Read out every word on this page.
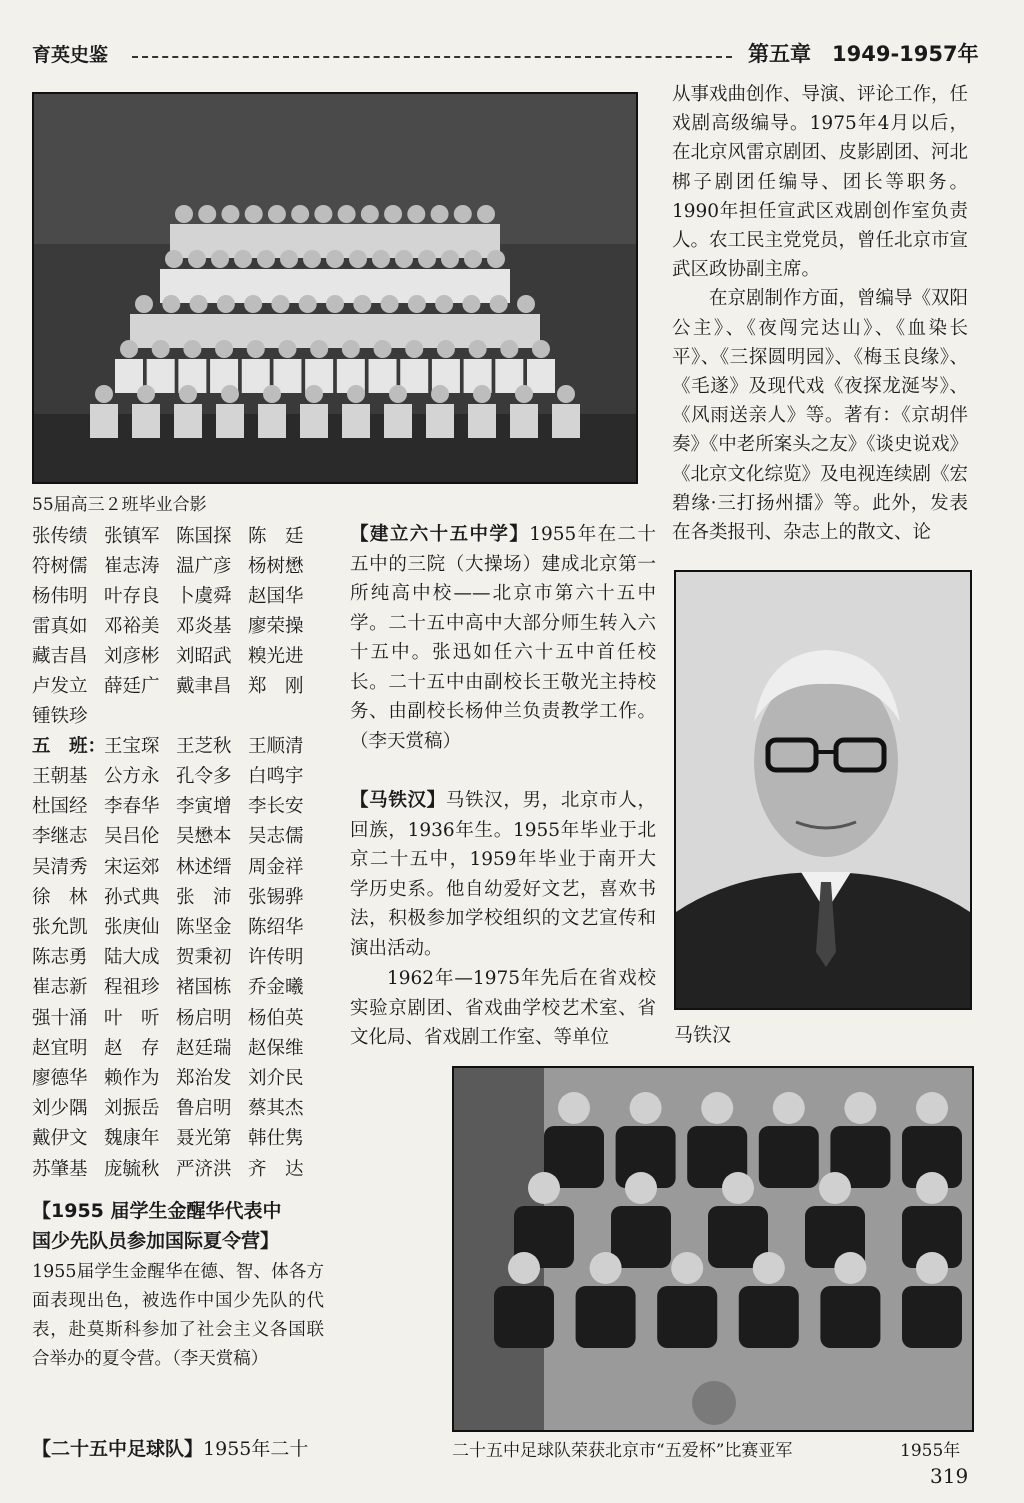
育英史鉴	第五章　1949-1957年
55届高三２班毕业合影
张传绩 张镇军 陈国探 陈　廷
符树儒 崔志涛 温广彦 杨树懋
杨伟明 叶存良 卜虞舜 赵国华
雷真如 邓裕美 邓炎基 廖荣操
藏吉昌 刘彦彬 刘昭武 糗光进
卢发立 薛廷广 戴聿昌 郑　刚
锺铁珍
五　班：王宝琛 王芝秋 王顺清
王朝基 公方永 孔令多 白鸣宇
杜国经 李春华 李寅增 李长安
李继志 吴吕伦 吴懋本 吴志儒
吴清秀 宋运郊 林述缙 周金祥
徐　林 孙式典 张　沛 张锡骅
张允凯 张庚仙 陈坚金 陈绍华
陈志勇 陆大成 贺秉初 许传明
崔志新 程祖珍 褚国栋 乔金曦
强十涌 叶　听 杨启明 杨伯英
赵宜明 赵　存 赵廷瑞 赵保维
廖德华 赖作为 郑治发 刘介民
刘少隅 刘振岳 鲁启明 蔡其杰
戴伊文 魏康年 聂光第 韩仕隽
苏肇基 庞毓秋 严济洪 齐　达
【1955 届学生金醒华代表中
国少先队员参加国际夏令营】
1955届学生金醒华在德、智、体各方面表现出色，被选作中国少先队的代表，赴莫斯科参加了社会主义各国联合举办的夏令营。（李天赏稿）
【二十五中足球队】1955年二十
【建立六十五中学】1955年在二十五中的三院（大操场）建成北京第一所纯高中校——北京市第六十五中学。二十五中高中大部分师生转入六十五中。张迅如任六十五中首任校长。二十五中由副校长王敬光主持校务、由副校长杨仲兰负责教学工作。（李天赏稿）
【马铁汉】马铁汉，男，北京市人，回族，1936年生。1955年毕业于北京二十五中，1959年毕业于南开大学历史系。他自幼爱好文艺，喜欢书法，积极参加学校组织的文艺宣传和演出活动。
1962年—1975年先后在省戏校实验京剧团、省戏曲学校艺术室、省文化局、省戏剧工作室、等单位

从事戏曲创作、导演、评论工作，任戏剧高级编导。1975年4月以后，在北京风雷京剧团、皮影剧团、河北梆子剧团任编导、团长等职务。1990年担任宣武区戏剧创作室负责人。农工民主党党员，曾任北京市宣武区政协副主席。

在京剧制作方面，曾编导《双阳公主》、《夜闯完达山》、《血染长平》、《三探圆明园》、《梅玉良缘》、《毛遂》及现代戏《夜探龙涎岑》、《风雨送亲人》等。著有：《京胡伴奏》《中老所案头之友》《谈史说戏》《北京文化综览》及电视连续剧《宏碧缘·三打扬州擂》等。此外，发表在各类报刊、杂志上的散文、论

马铁汉
二十五中足球队荣获北京市“五爱杯”比赛亚军	1955年
319
